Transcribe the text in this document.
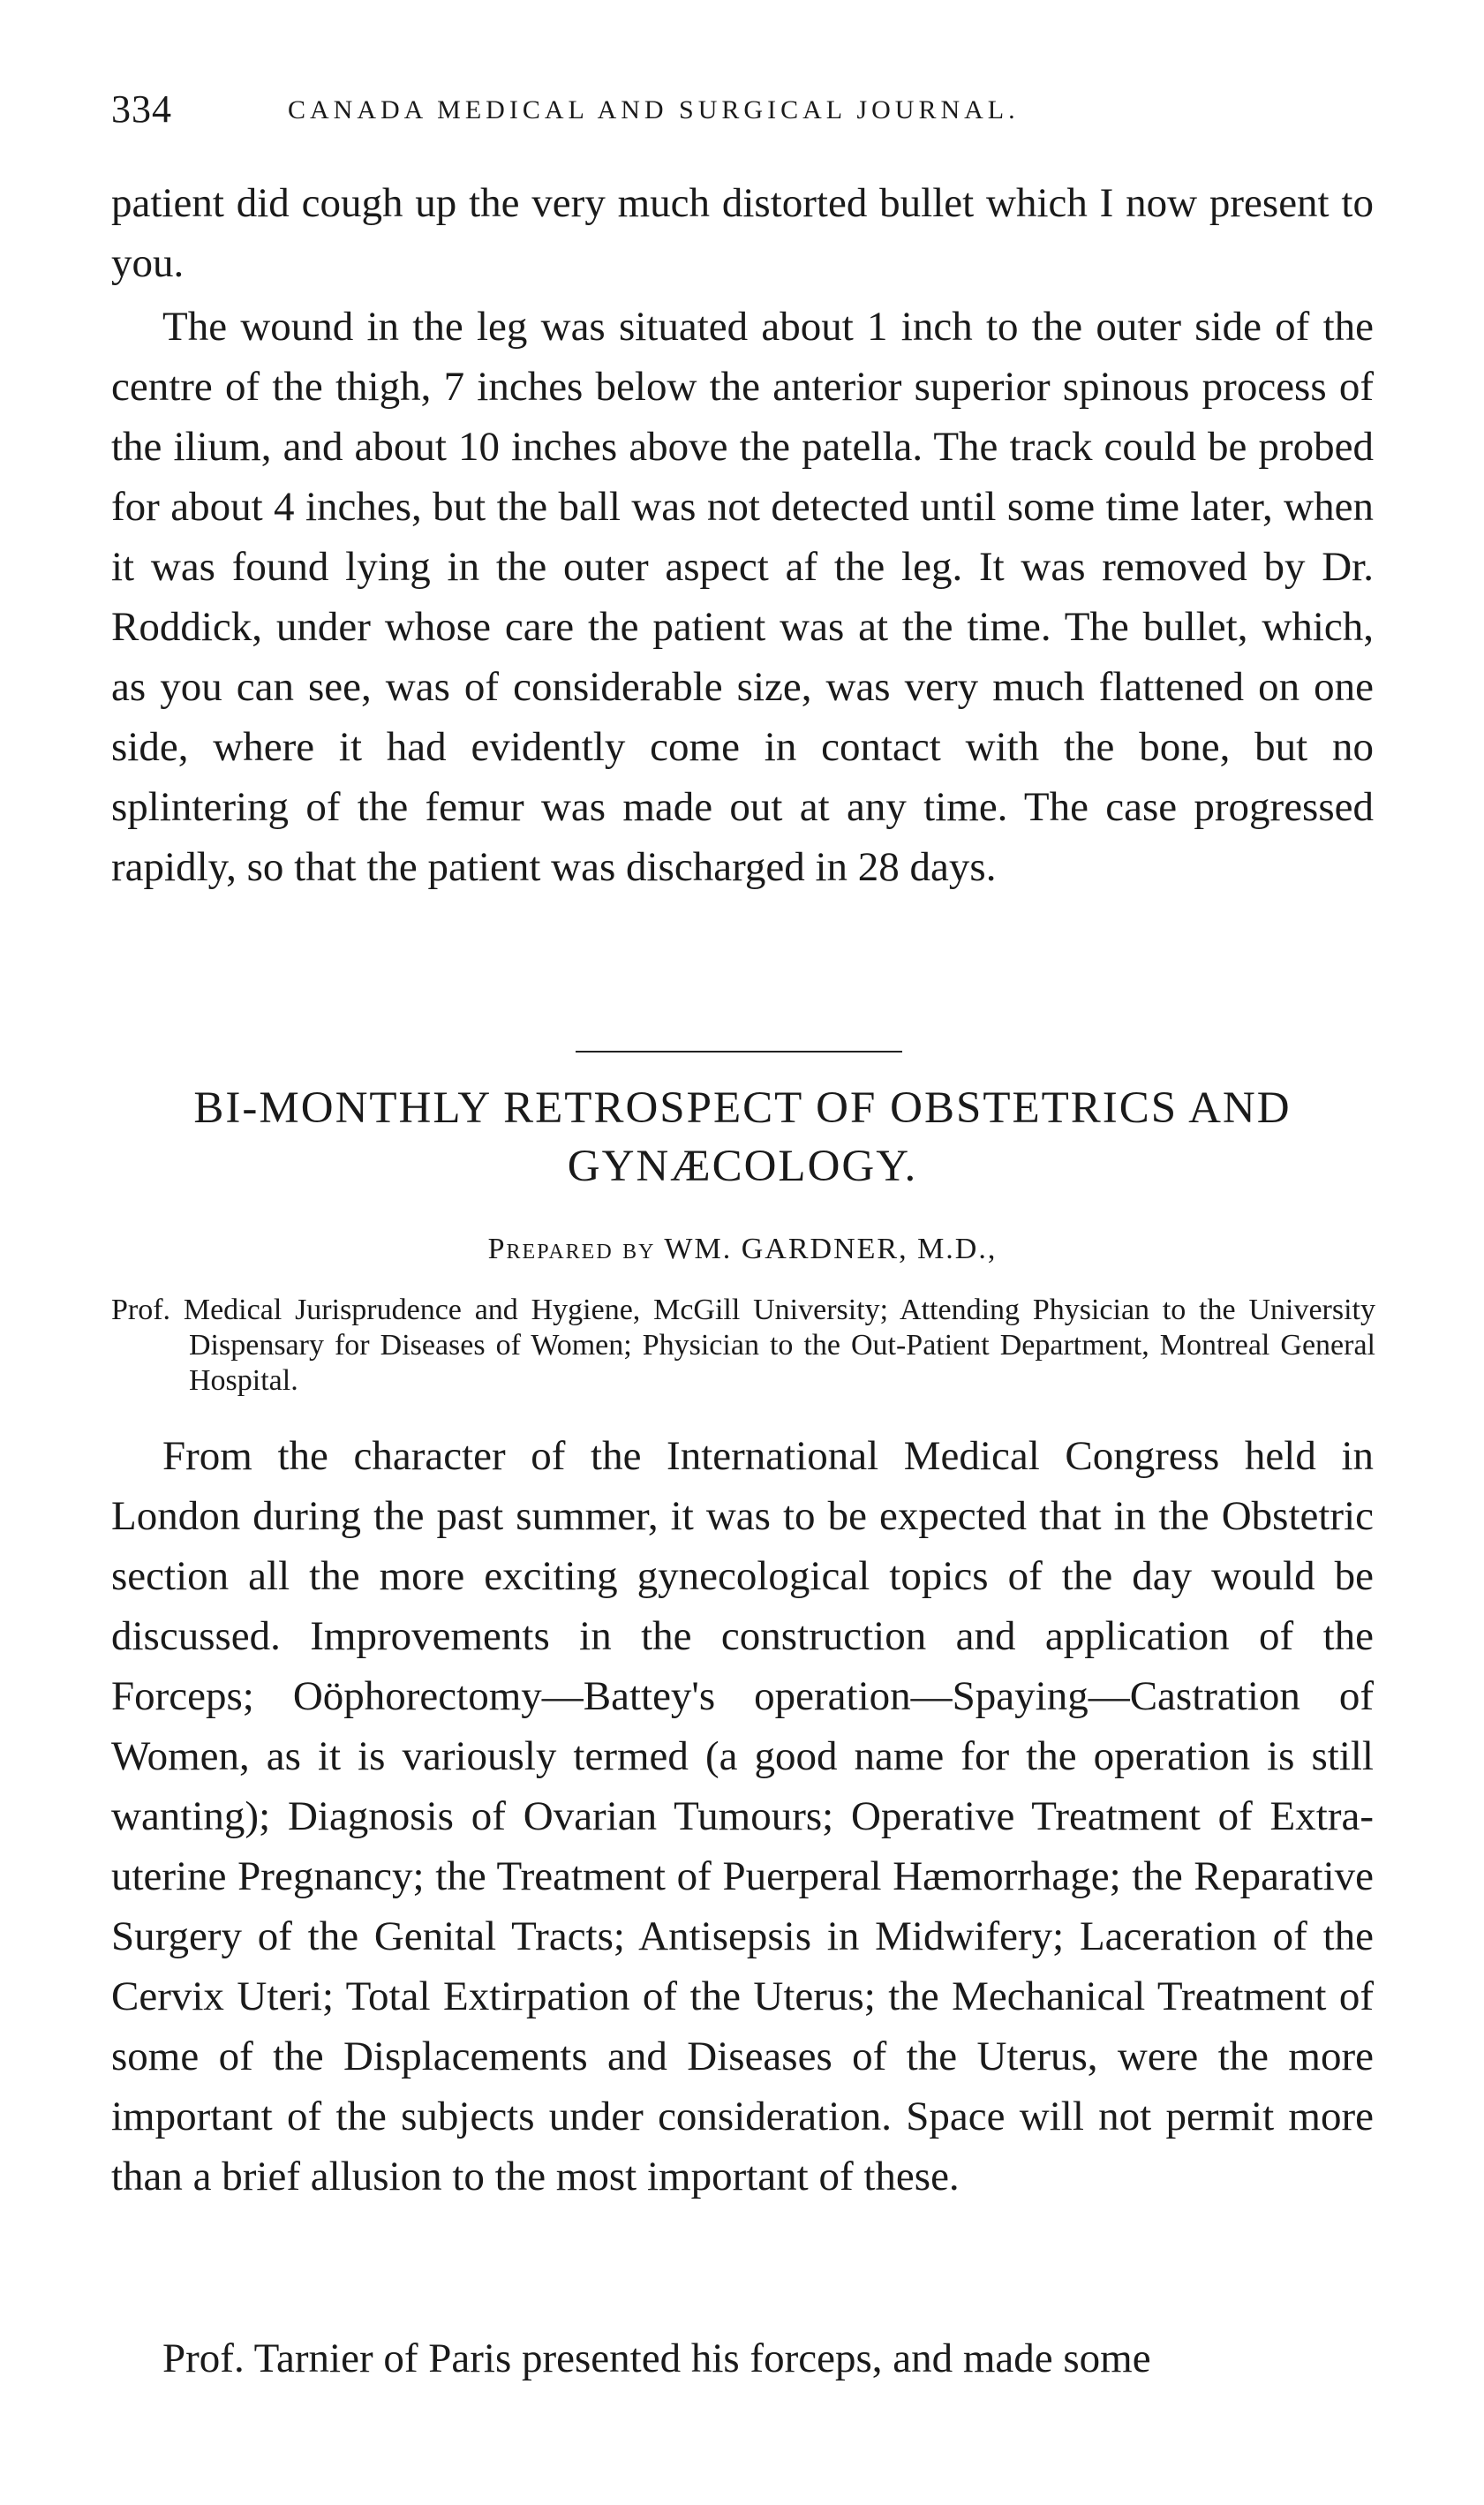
334	CANADA MEDICAL AND SURGICAL JOURNAL.

patient did cough up the very much distorted bullet which I now present to you.

The wound in the leg was situated about 1 inch to the outer side of the centre of the thigh, 7 inches below the anterior superior spinous process of the ilium, and about 10 inches above the patella. The track could be probed for about 4 inches, but the ball was not detected until some time later, when it was found lying in the outer aspect af the leg. It was removed by Dr. Roddick, under whose care the patient was at the time. The bullet, which, as you can see, was of considerable size, was very much flattened on one side, where it had evidently come in contact with the bone, but no splintering of the femur was made out at any time. The case progressed rapidly, so that the patient was discharged in 28 days.

BI-MONTHLY RETROSPECT OF OBSTETRICS AND GYNÆCOLOGY.

Prepared by WM. GARDNER, M.D.,

Prof. Medical Jurisprudence and Hygiene, McGill University; Attending Physician to the University Dispensary for Diseases of Women; Physician to the Out-Patient Department, Montreal General Hospital.

From the character of the International Medical Congress held in London during the past summer, it was to be expected that in the Obstetric section all the more exciting gynecological topics of the day would be discussed. Improvements in the construction and application of the Forceps; Oöphorectomy—Battey's operation—Spaying—Castration of Women, as it is variously termed (a good name for the operation is still wanting); Diagnosis of Ovarian Tumours; Operative Treatment of Extra-uterine Pregnancy; the Treatment of Puerperal Hæmorrhage; the Reparative Surgery of the Genital Tracts; Antisepsis in Midwifery; Laceration of the Cervix Uteri; Total Extirpation of the Uterus; the Mechanical Treatment of some of the Displacements and Diseases of the Uterus, were the more important of the subjects under consideration. Space will not permit more than a brief allusion to the most important of these.

Prof. Tarnier of Paris presented his forceps, and made some
